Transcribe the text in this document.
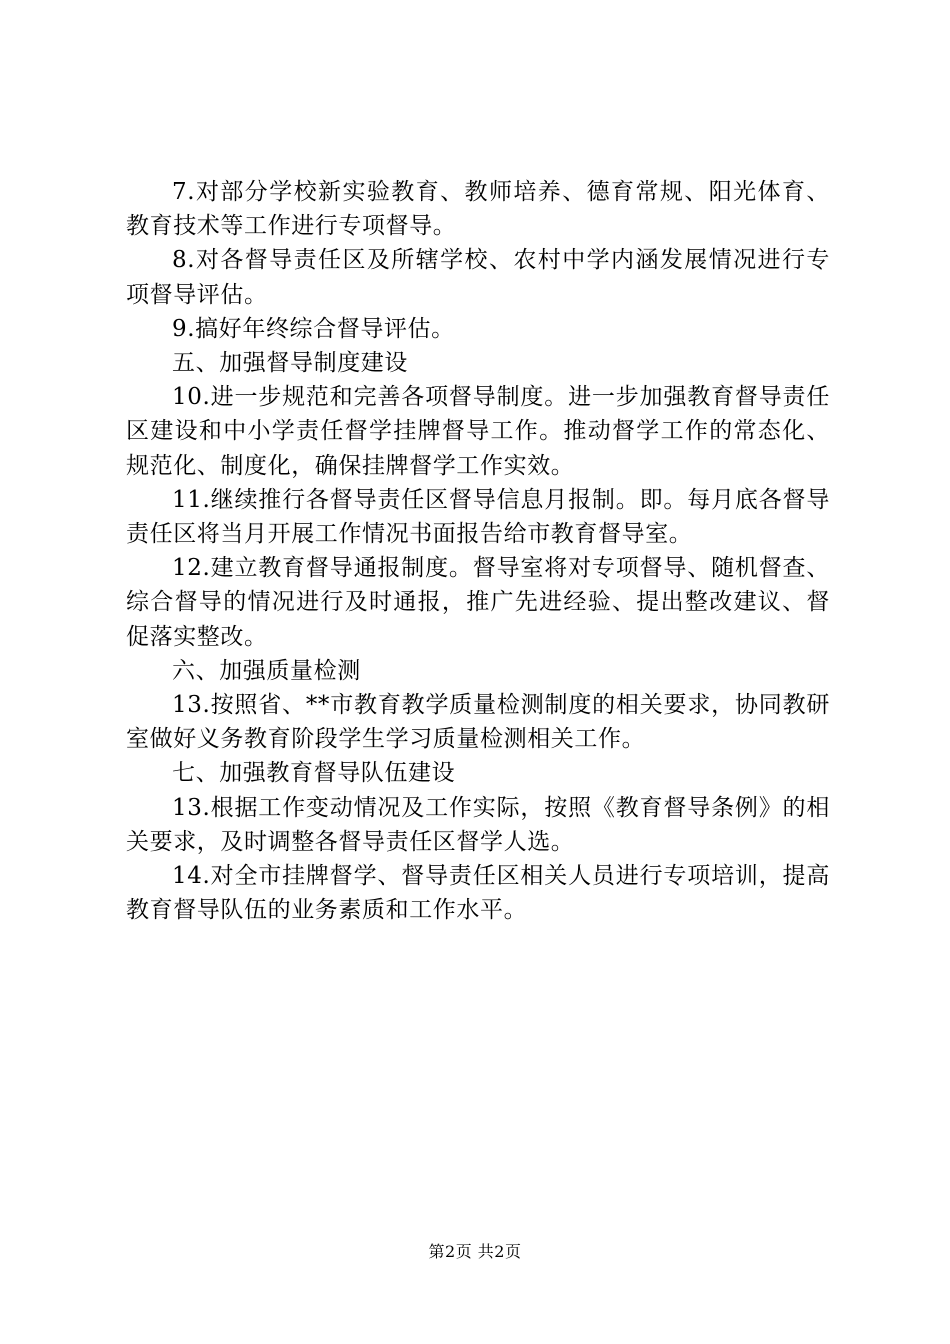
7.对部分学校新实验教育、教师培养、德育常规、阳光体育、教育技术等工作进行专项督导。

8.对各督导责任区及所辖学校、农村中学内涵发展情况进行专项督导评估。

9.搞好年终综合督导评估。

五、加强督导制度建设

10.进一步规范和完善各项督导制度。进一步加强教育督导责任区建设和中小学责任督学挂牌督导工作。推动督学工作的常态化、规范化、制度化，确保挂牌督学工作实效。

11.继续推行各督导责任区督导信息月报制。即。每月底各督导责任区将当月开展工作情况书面报告给市教育督导室。

12.建立教育督导通报制度。督导室将对专项督导、随机督查、综合督导的情况进行及时通报，推广先进经验、提出整改建议、督促落实整改。

六、加强质量检测

13.按照省、**市教育教学质量检测制度的相关要求，协同教研室做好义务教育阶段学生学习质量检测相关工作。

七、加强教育督导队伍建设

13.根据工作变动情况及工作实际，按照《教育督导条例》的相关要求，及时调整各督导责任区督学人选。

14.对全市挂牌督学、督导责任区相关人员进行专项培训，提高教育督导队伍的业务素质和工作水平。

第2页 共2页
